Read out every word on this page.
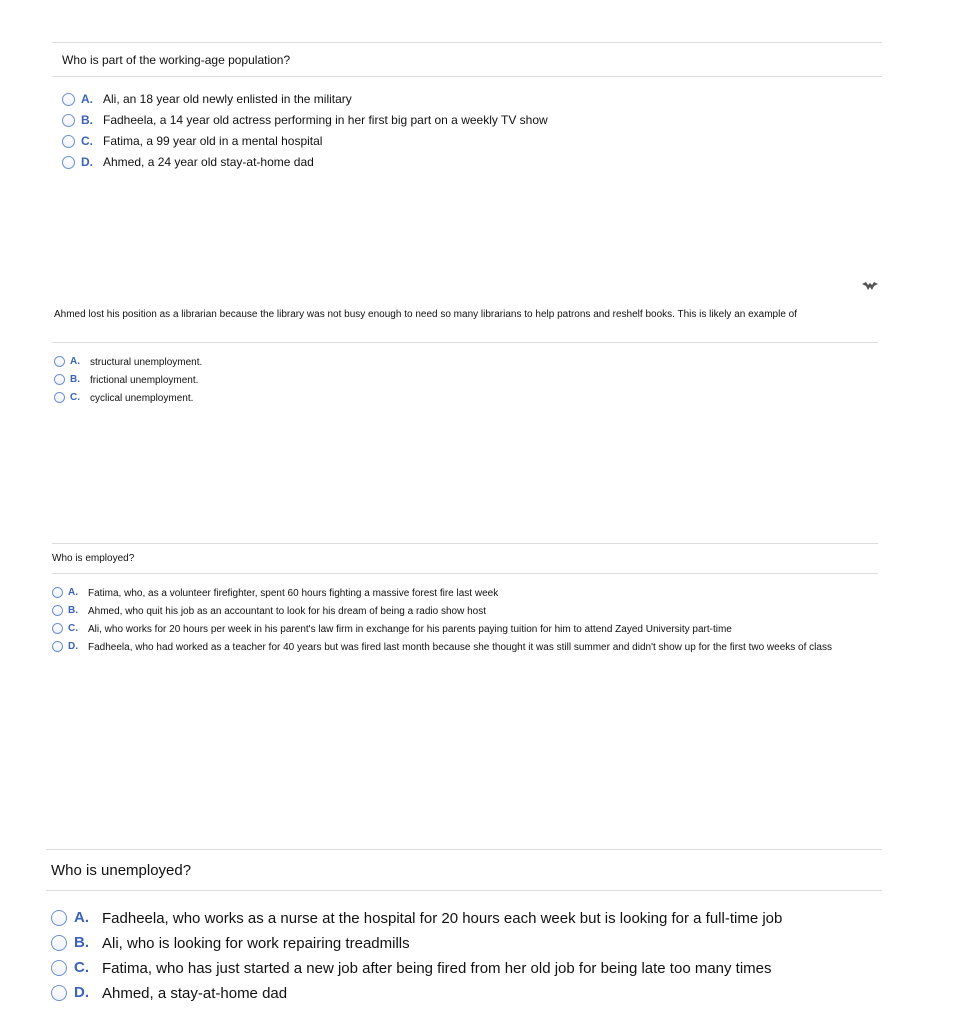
Who is part of the working-age population?
A. Ali, an 18 year old newly enlisted in the military
B. Fadheela, a 14 year old actress performing in her first big part on a weekly TV show
C. Fatima, a 99 year old in a mental hospital
D. Ahmed, a 24 year old stay-at-home dad
Ahmed lost his position as a librarian because the library was not busy enough to need so many librarians to help patrons and reshelf books. This is likely an example of
A.	structural unemployment.
B.	frictional unemployment.
C.	cyclical unemployment.
Who is employed?
A.	Fatima, who, as a volunteer firefighter, spent 60 hours fighting a massive forest fire last week
B.	Ahmed, who quit his job as an accountant to look for his dream of being a radio show host
C.	Ali, who works for 20 hours per week in his parent's law firm in exchange for his parents paying tuition for him to attend Zayed University part-time
D.	Fadheela, who had worked as a teacher for 40 years but was fired last month because she thought it was still summer and didn't show up for the first two weeks of class
Who is unemployed?
A. Fadheela, who works as a nurse at the hospital for 20 hours each week but is looking for a full-time job
B. Ali, who is looking for work repairing treadmills
C. Fatima, who has just started a new job after being fired from her old job for being late too many times
D. Ahmed, a stay-at-home dad
